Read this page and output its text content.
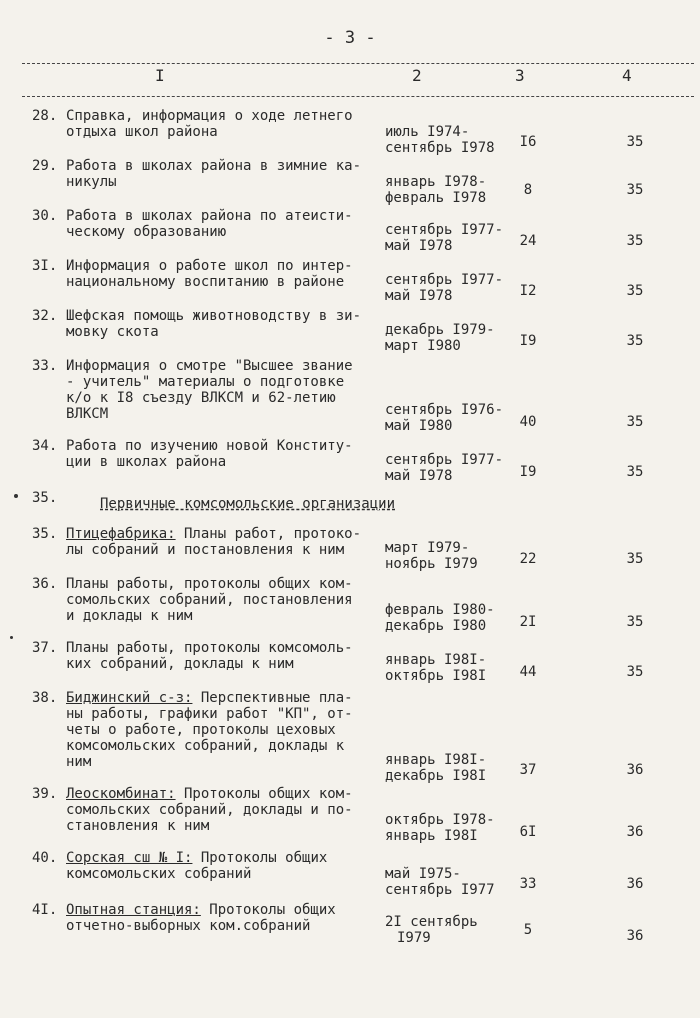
- 3 -
I	2	3	4
28. Справка, информация о ходе летнего
отдыха школ района	июль I974-
сентябрь I978	I6	35
29. Работа в школах района в зимние ка-
никулы	январь I978-
февраль I978	8	35
30. Работа в школах района по атеисти-
ческому образованию	сентябрь I977-
май I978	24	35
3I. Информация о работе школ по интер-
национальному воспитанию в районе	сентябрь I977-
май I978	I2	35
32. Шефская помощь животноводству в зи-
мовку скота	декабрь I979-
март I980	I9	35
33. Информация о смотре "Высшее звание
- учитель" материалы о подготовке
к/о к I8 съезду ВЛКСМ и 62-летию
ВЛКСМ	сентябрь I976-
май I980	40	35
34. Работа по изучению новой Конститу-
ции в школах района	сентябрь I977-
май I978	I9	35
35.	Первичные комсомольские организации
35. Птицефабрика: Планы работ, протоко-
лы собраний и постановления к ним	март I979-
ноябрь I979	22	35
36. Планы работы, протоколы общих ком-
сомольских собраний, постановления
и доклады к ним	февраль I980-
декабрь I980	2I	35
37. Планы работы, протоколы комсомоль-
ких собраний, доклады к ним	январь I98I-
октябрь I98I	44	35
38. Биджинский с-з: Перспективные пла-
ны работы, графики работ "КП", от-
четы о работе, протоколы цеховых
комсомольских собраний, доклады к
ним	январь I98I-
декабрь I98I	37	36
39. Леоскомбинат: Протоколы общих ком-
сомольских собраний, доклады и по-
становления к ним	октябрь I978-
январь I98I	6I	36
40. Сорская сш № I: Протоколы общих
комсомольских собраний	май I975-
сентябрь I977	33	36
4I. Опытная станция: Протоколы общих
отчетно-выборных ком.собраний	2I сентябрь
I979	5	36
